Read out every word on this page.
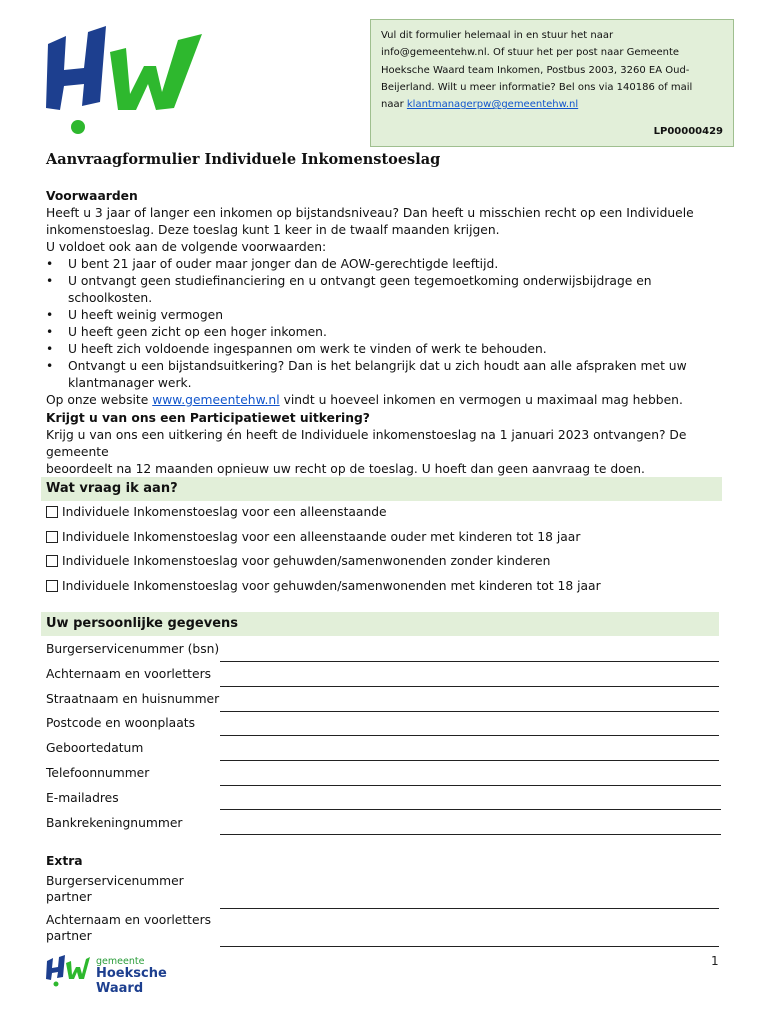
Vul dit formulier helemaal in en stuur het naar
info@gemeentehw.nl. Of stuur het per post naar Gemeente
Hoeksche Waard team Inkomen, Postbus 2003, 3260 EA Oud-
Beijerland. Wilt u meer informatie? Bel ons via 140186 of mail
naar klantmanagerpw@gemeentehw.nl
LP00000429
Aanvraagformulier Individuele Inkomenstoeslag
Voorwaarden
Heeft u 3 jaar of langer een inkomen op bijstandsniveau? Dan heeft u misschien recht op een Individuele
inkomenstoeslag. Deze toeslag kunt 1 keer in de twaalf maanden krijgen.
U voldoet ook aan de volgende voorwaarden:
• U bent 21 jaar of ouder maar jonger dan de AOW-gerechtigde leeftijd.
• U ontvangt geen studiefinanciering en u ontvangt geen tegemoetkoming onderwijsbijdrage en schoolkosten.
• U heeft weinig vermogen
• U heeft geen zicht op een hoger inkomen.
• U heeft zich voldoende ingespannen om werk te vinden of werk te behouden.
• Ontvangt u een bijstandsuitkering? Dan is het belangrijk dat u zich houdt aan alle afspraken met uw
klantmanager werk.
Op onze website www.gemeentehw.nl vindt u hoeveel inkomen en vermogen u maximaal mag hebben.
Krijgt u van ons een Participatiewet uitkering?
Krijg u van ons een uitkering én heeft de Individuele inkomenstoeslag na 1 januari 2023 ontvangen? De gemeente
beoordeelt na 12 maanden opnieuw uw recht op de toeslag. U hoeft dan geen aanvraag te doen.
Wat vraag ik aan?
Individuele Inkomenstoeslag voor een alleenstaande
Individuele Inkomenstoeslag voor een alleenstaande ouder met kinderen tot 18 jaar
Individuele Inkomenstoeslag voor gehuwden/samenwonenden zonder kinderen
Individuele Inkomenstoeslag voor gehuwden/samenwonenden met kinderen tot 18 jaar
Uw persoonlijke gegevens
Burgerservicenummer (bsn)
Achternaam en voorletters
Straatnaam en huisnummer
Postcode en woonplaats
Geboortedatum
Telefoonnummer
E-mailadres
Bankrekeningnummer
Extra
Burgerservicenummer
partner
Achternaam en voorletters
partner
gemeente
Hoeksche Waard
1
